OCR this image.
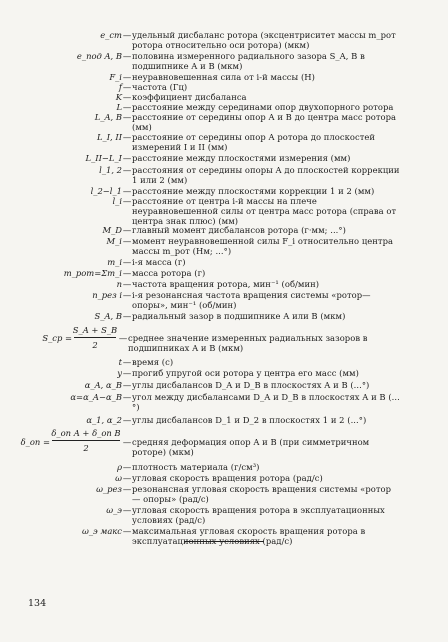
e_ст — удельный дисбаланс ротора (эксцентриситет массы m_рот ротора относительно оси ротора) (мкм)
e_под A, B — половина измеренного радиального зазора S_A, B в подшипнике A и B (мкм)
F_i — неуравновешенная сила от i-й массы (Н)
f — частота (Гц)
K — коэффициент дисбаланса
L — расстояние между серединами опор двухопорного ротора
L_A, B — расстояние от середины опор A и B до центра масс ротора (мм)
L_I, II — расстояние от середины опор A ротора до плоскостей измерений I и II (мм)
L_II−L_I — расстояние между плоскостями измерения (мм)
l_1, 2 — расстояния от середины опоры A до плоскостей коррекции 1 или 2 (мм)
l_2−l_1 — расстояние между плоскостями коррекции 1 и 2 (мм)
l_i — расстояние от центра i-й массы на плече неуравновешенной силы от центра масс ротора (справа от центра знак плюс) (мм)
M_D — главный момент дисбалансов ротора (г·мм; ...°)
M_i — момент неуравновешенной силы F_i относительно центра массы m_рот (Нм; ...°)
m_i — i-я масса (г)
m_рот=Σm_i — масса ротора (г)
n — частота вращения ротора, мин⁻¹ (об/мин)
n_рез i — i-я резонансная частота вращения системы «ротор—опоры», мин⁻¹ (об/мин)
S_A, B — радиальный зазор в подшипнике A или B (мкм)
S_A + S_B
2
S_ср =	— среднее значение измеренных радиальных зазоров в подшипниках A и B (мкм)
t — время (с)
y — прогиб упругой оси ротора у центра его масс (мм)
α_A, α_B — углы дисбалансов D_A и D_B в плоскостях A и B (...°)
α=α_A−α_B — угол между дисбалансами D_A и D_B в плоскостях A и B (...°)
α_1, α_2 — углы дисбалансов D_1 и D_2 в плоскостях 1 и 2 (...°)
δ_оп A + δ_оп B
2
δ_оп =	— средняя деформация опор A и B (при симметричном роторе) (мкм)
ρ — плотность материала (г/см³)
ω — угловая скорость вращения ротора (рад/с)
ω_рез — резонансная угловая скорость вращения системы «ротор — опоры» (рад/с)
ω_э — угловая скорость вращения ротора в эксплуатационных условиях (рад/с)
ω_э макс — максимальная угловая скорость вращения ротора в эксплуатационных условиях (рад/с)
134
